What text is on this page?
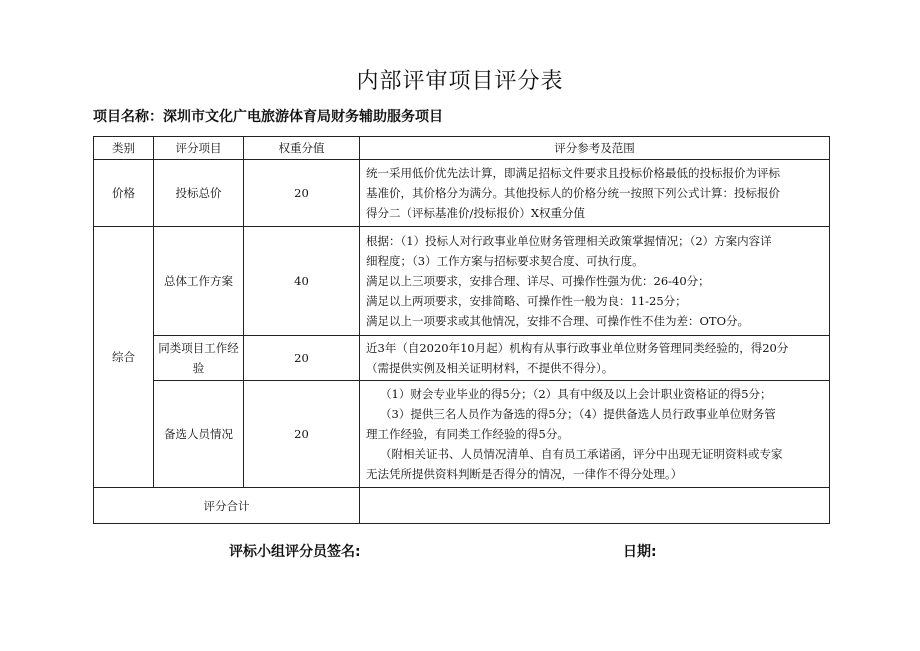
内部评审项目评分表
项目名称：深圳市文化广电旅游体育局财务辅助服务项目
类别	评分项目	权重分值	评分参考及范围
价格	投标总价	20	统一采用低价优先法计算，即满足招标文件要求且投标价格最低的投标报价为评标
基准价，其价格分为满分。其他投标人的价格分统一按照下列公式计算：投标报价
得分二（评标基准价/投标报价）X权重分值

综合	总体工作方案	40	根据：（1）投标人对行政事业单位财务管理相关政策掌握情况；（2）方案内容详
细程度；（3）工作方案与招标要求契合度、可执行度。
满足以上三项要求，安排合理、详尽、可操作性强为优：26-40分；
满足以上两项要求，安排简略、可操作性一般为良：11-25分；
满足以上一项要求或其他情况，安排不合理、可操作性不佳为差：OTO分。

	同类项目工作经验	20	近3年（自2020年10月起）机构有从事行政事业单位财务管理同类经验的，得20分
（需提供实例及相关证明材料，不提供不得分）。

	备选人员情况	20	（1）财会专业毕业的得5分；（2）具有中级及以上会计职业资格证的得5分；
（3）提供三名人员作为备选的得5分；（4）提供备选人员行政事业单位财务管
理工作经验，有同类工作经验的得5分。
（附相关证书、人员情况清单、自有员工承诺函，评分中出现无证明资料或专家
无法凭所提供资料判断是否得分的情况，一律作不得分处理。）

评分合计			
评标小组评分员签名:	日期:
